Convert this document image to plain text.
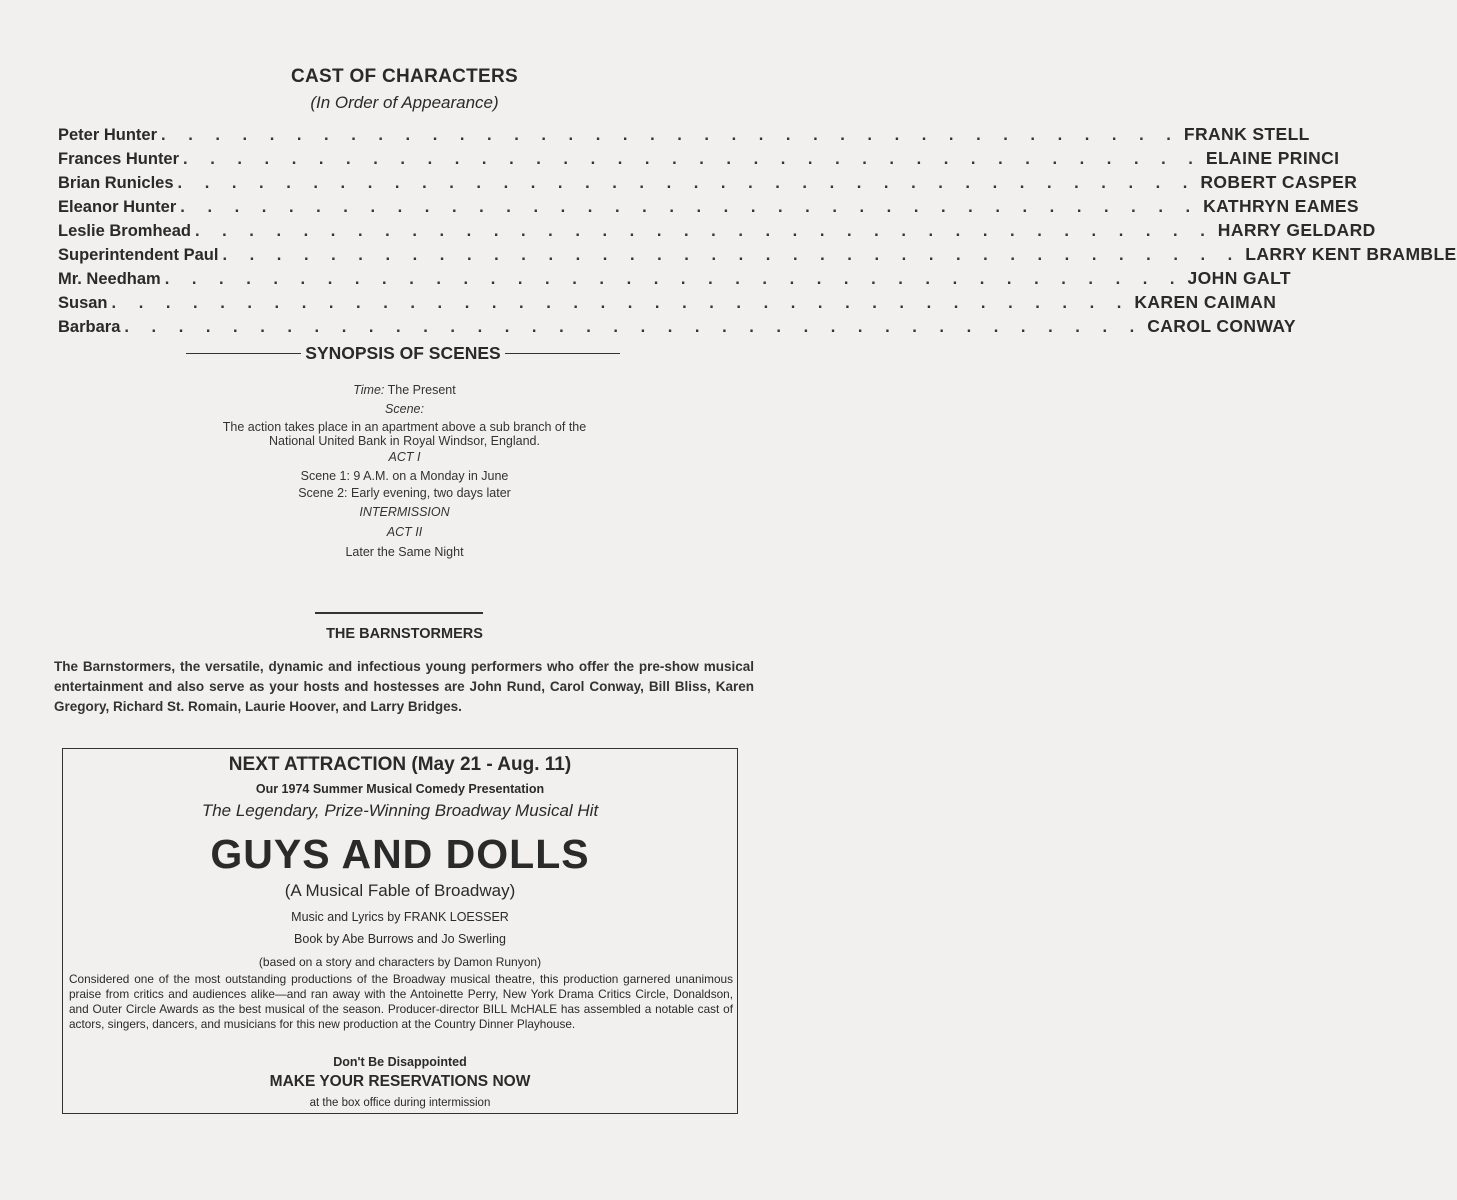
CAST OF CHARACTERS
(In Order of Appearance)
Peter Hunter . . . . . . . . . . . . . . . . . . . . . . . . . . . . . . . . . . . . . . FRANK STELL
Frances Hunter . . . . . . . . . . . . . . . . . . . . . . . . . . . . . . . . . . . . . . ELAINE PRINCI
Brian Runicles . . . . . . . . . . . . . . . . . . . . . . . . . . . . . . . . . . . . . . ROBERT CASPER
Eleanor Hunter . . . . . . . . . . . . . . . . . . . . . . . . . . . . . . . . . . . . . . KATHRYN EAMES
Leslie Bromhead . . . . . . . . . . . . . . . . . . . . . . . . . . . . . . . . . . . . . . HARRY GELDARD
Superintendent Paul . . . . . . . . . . . . . . . . . . . . . . . . . . . . . . . . . . . . . . LARRY KENT BRAMBLE
Mr. Needham . . . . . . . . . . . . . . . . . . . . . . . . . . . . . . . . . . . . . . JOHN GALT
Susan . . . . . . . . . . . . . . . . . . . . . . . . . . . . . . . . . . . . . . KAREN CAIMAN
Barbara . . . . . . . . . . . . . . . . . . . . . . . . . . . . . . . . . . . . . . CAROL CONWAY
SYNOPSIS OF SCENES
Time: The Present
Scene:
The action takes place in an apartment above a sub branch of the
National United Bank in Royal Windsor, England.
ACT I
Scene 1: 9 A.M. on a Monday in June
Scene 2: Early evening, two days later
INTERMISSION
ACT II
Later the Same Night
THE BARNSTORMERS
The Barnstormers, the versatile, dynamic and infectious young performers who offer the pre-show musical entertainment and also serve as your hosts and hostesses are John Rund, Carol Conway, Bill Bliss, Karen Gregory, Richard St. Romain, Laurie Hoover, and Larry Bridges.
NEXT ATTRACTION (May 21 - Aug. 11)
Our 1974 Summer Musical Comedy Presentation
The Legendary, Prize-Winning Broadway Musical Hit
GUYS AND DOLLS
(A Musical Fable of Broadway)
Music and Lyrics by FRANK LOESSER
Book by Abe Burrows and Jo Swerling
(based on a story and characters by Damon Runyon)
Considered one of the most outstanding productions of the Broadway musical theatre, this production garnered unanimous praise from critics and audiences alike—and ran away with the Antoinette Perry, New York Drama Critics Circle, Donaldson, and Outer Circle Awards as the best musical of the season. Producer-director BILL McHALE has assembled a notable cast of actors, singers, dancers, and musicians for this new production at the Country Dinner Playhouse.
Don't Be Disappointed
MAKE YOUR RESERVATIONS NOW
at the box office during intermission
